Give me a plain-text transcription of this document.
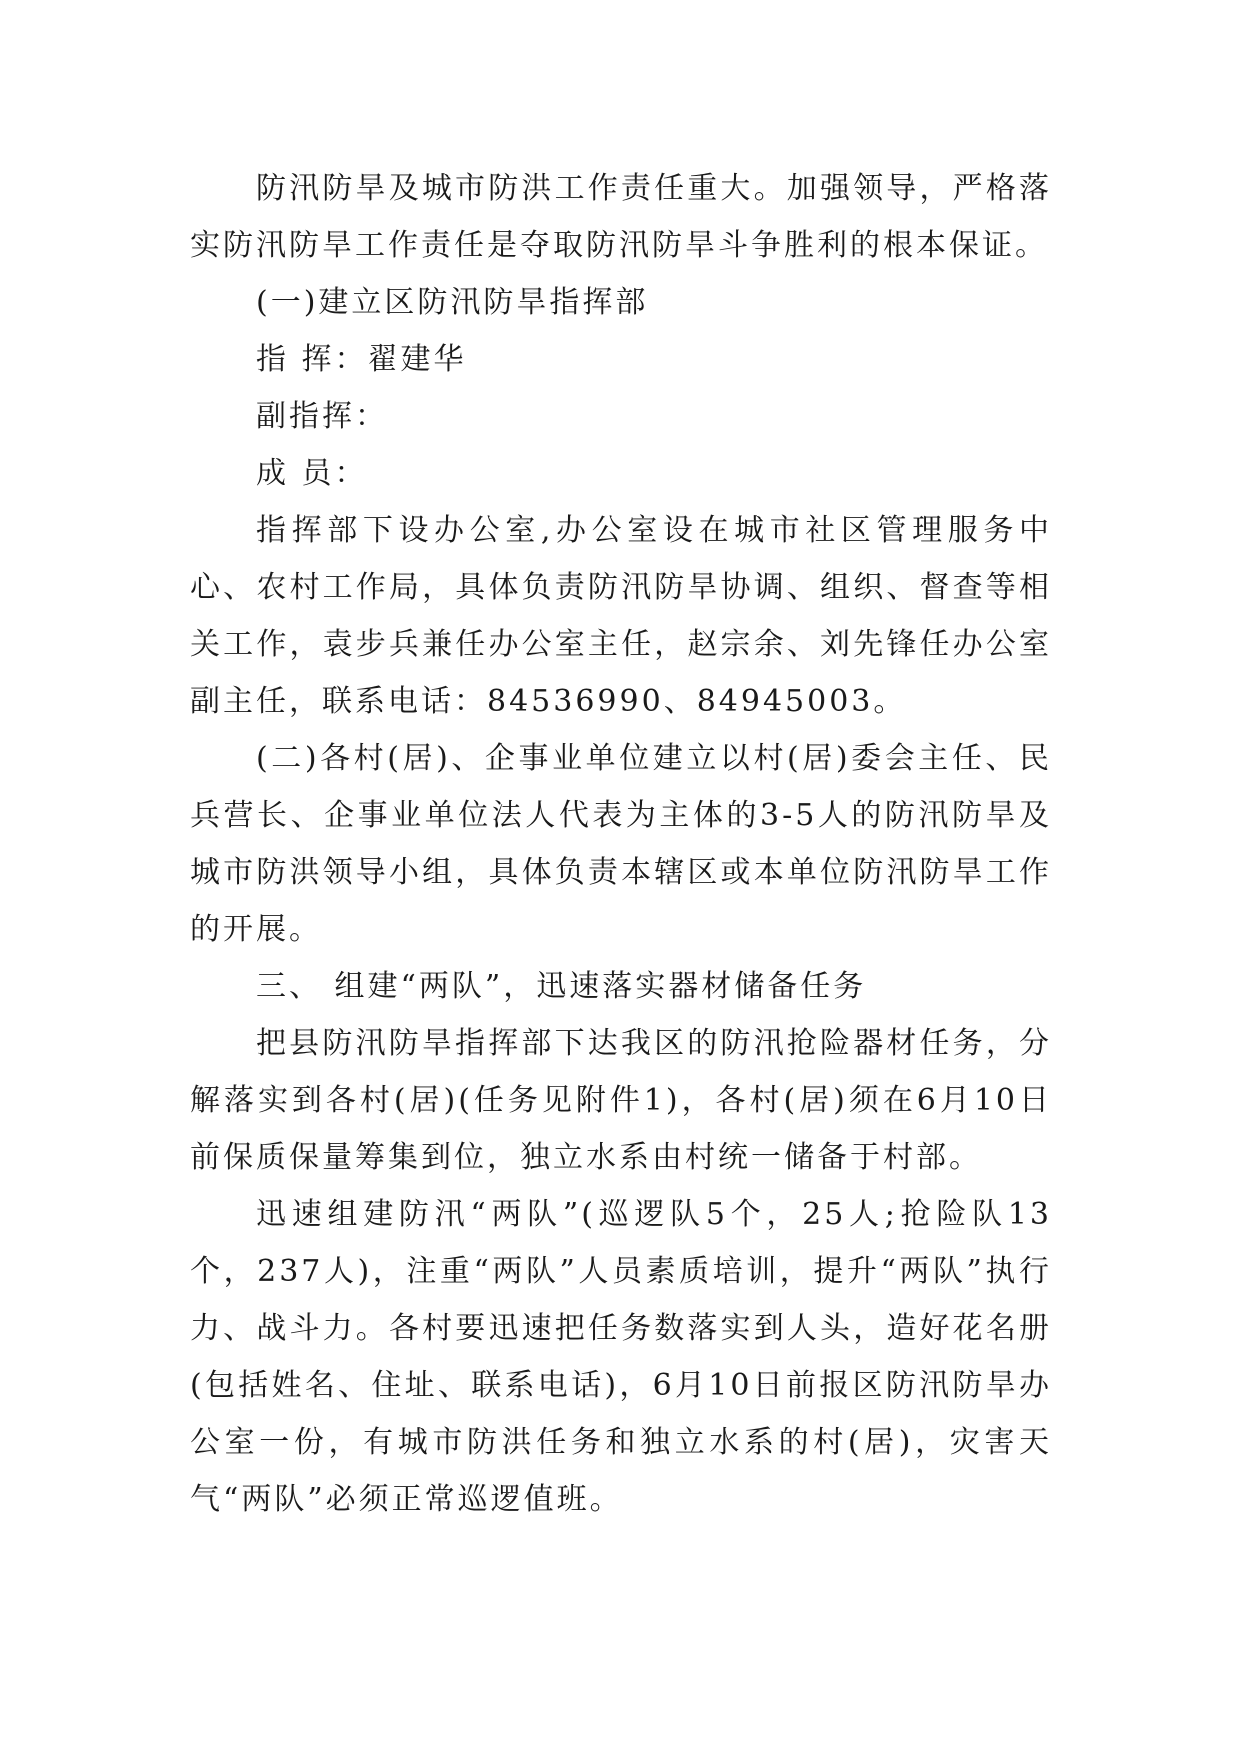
防汛防旱及城市防洪工作责任重大。加强领导，严格落实防汛防旱工作责任是夺取防汛防旱斗争胜利的根本保证。

(一)建立区防汛防旱指挥部

指 挥：翟建华

副指挥：

成 员：

指挥部下设办公室,办公室设在城市社区管理服务中心、农村工作局，具体负责防汛防旱协调、组织、督查等相关工作，袁步兵兼任办公室主任，赵宗余、刘先锋任办公室副主任，联系电话：84536990、84945003。

(二)各村(居)、企事业单位建立以村(居)委会主任、民兵营长、企事业单位法人代表为主体的3-5人的防汛防旱及城市防洪领导小组，具体负责本辖区或本单位防汛防旱工作的开展。

三、 组建“两队”，迅速落实器材储备任务

把县防汛防旱指挥部下达我区的防汛抢险器材任务，分解落实到各村(居)(任务见附件1)，各村(居)须在6月10日前保质保量筹集到位，独立水系由村统一储备于村部。

迅速组建防汛“两队”(巡逻队5个，25人;抢险队13个，237人)，注重“两队”人员素质培训，提升“两队”执行力、战斗力。各村要迅速把任务数落实到人头，造好花名册(包括姓名、住址、联系电话)，6月10日前报区防汛防旱办公室一份，有城市防洪任务和独立水系的村(居)，灾害天气“两队”必须正常巡逻值班。
